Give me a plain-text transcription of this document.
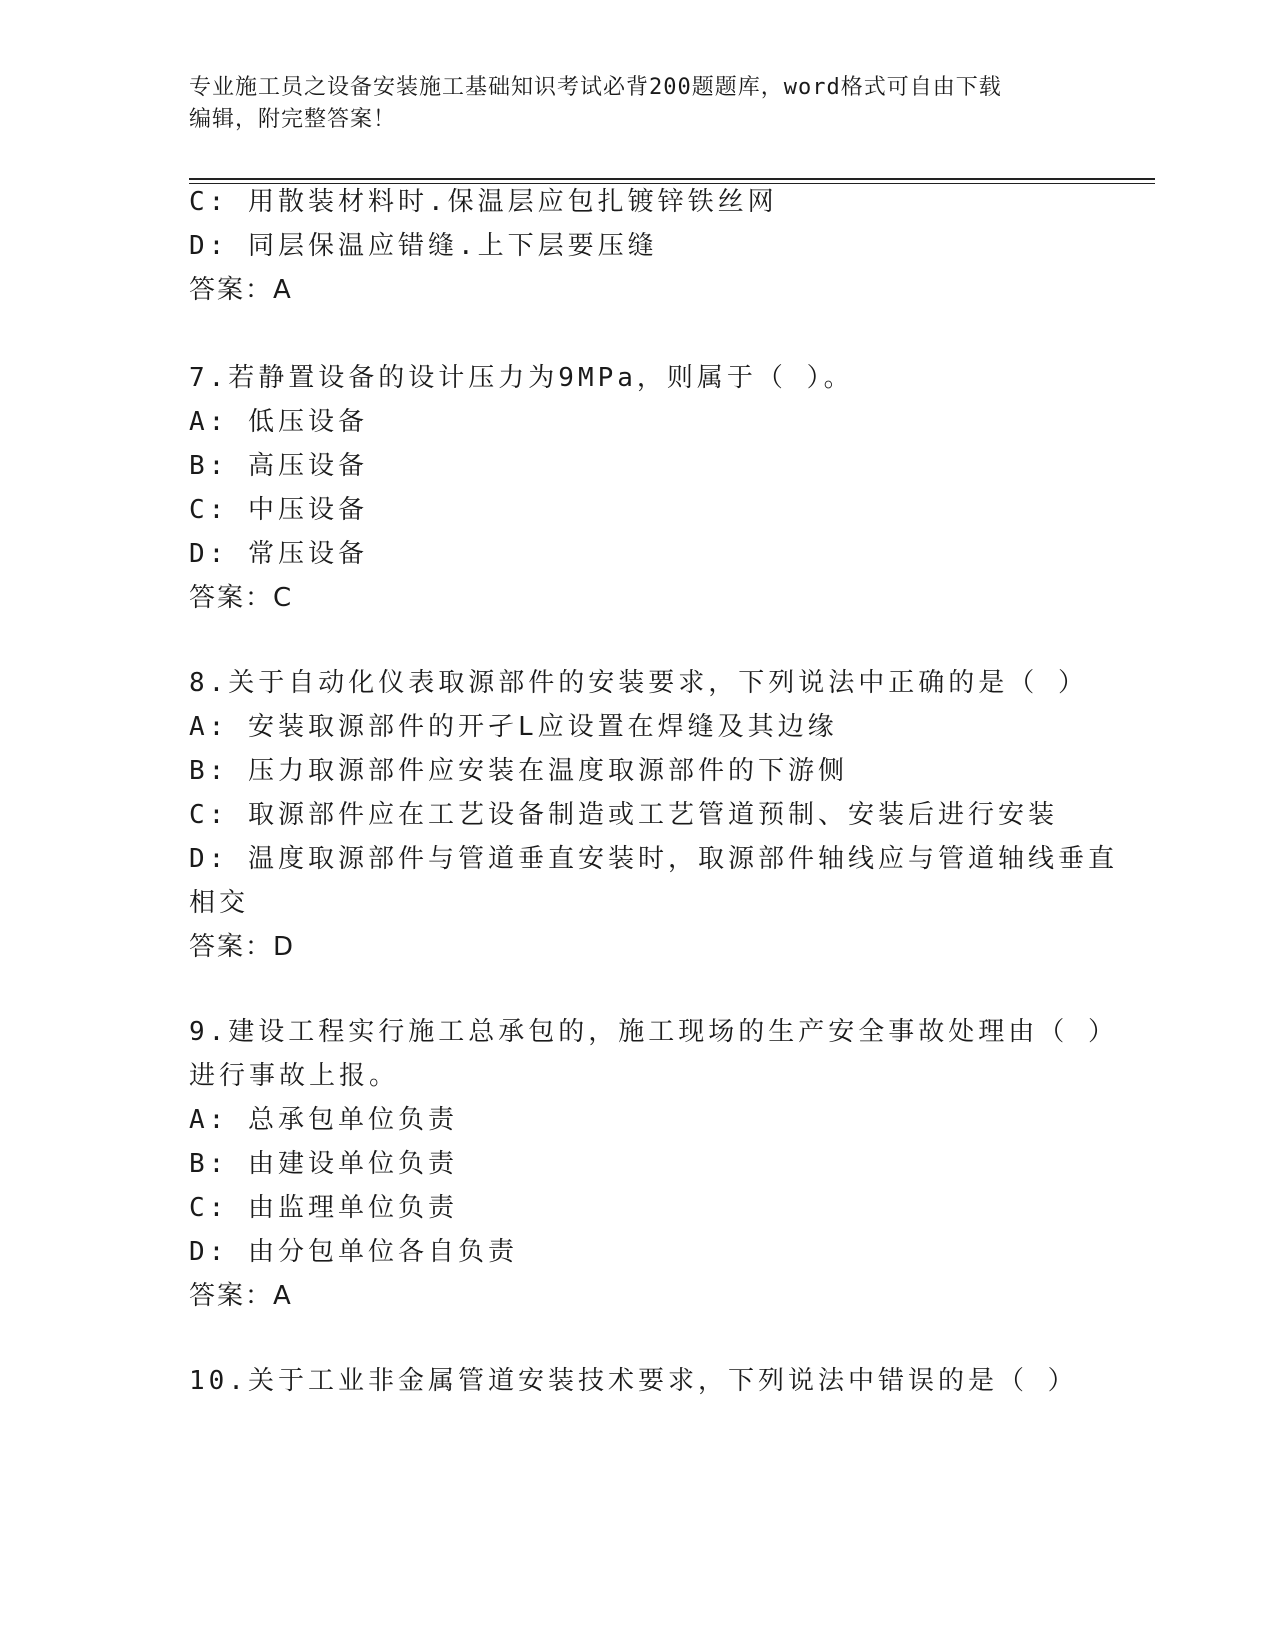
专业施工员之设备安装施工基础知识考试必背200题题库，word格式可自由下载
编辑，附完整答案！
C: 用散装材料时.保温层应包扎镀锌铁丝网
D: 同层保温应错缝.上下层要压缝
答案：A
7.若静置设备的设计压力为9MPa，则属于（ ）。
A: 低压设备
B: 高压设备
C: 中压设备
D: 常压设备
答案：C
8.关于自动化仪表取源部件的安装要求，下列说法中正确的是（ ）
A: 安装取源部件的开孑L应设置在焊缝及其边缘
B: 压力取源部件应安装在温度取源部件的下游侧
C: 取源部件应在工艺设备制造或工艺管道预制、安装后进行安装
D: 温度取源部件与管道垂直安装时，取源部件轴线应与管道轴线垂直
相交
答案：D
9.建设工程实行施工总承包的，施工现场的生产安全事故处理由（ ）
进行事故上报。
A: 总承包单位负责
B: 由建设单位负责
C: 由监理单位负责
D: 由分包单位各自负责
答案：A
10.关于工业非金属管道安装技术要求，下列说法中错误的是（ ）
